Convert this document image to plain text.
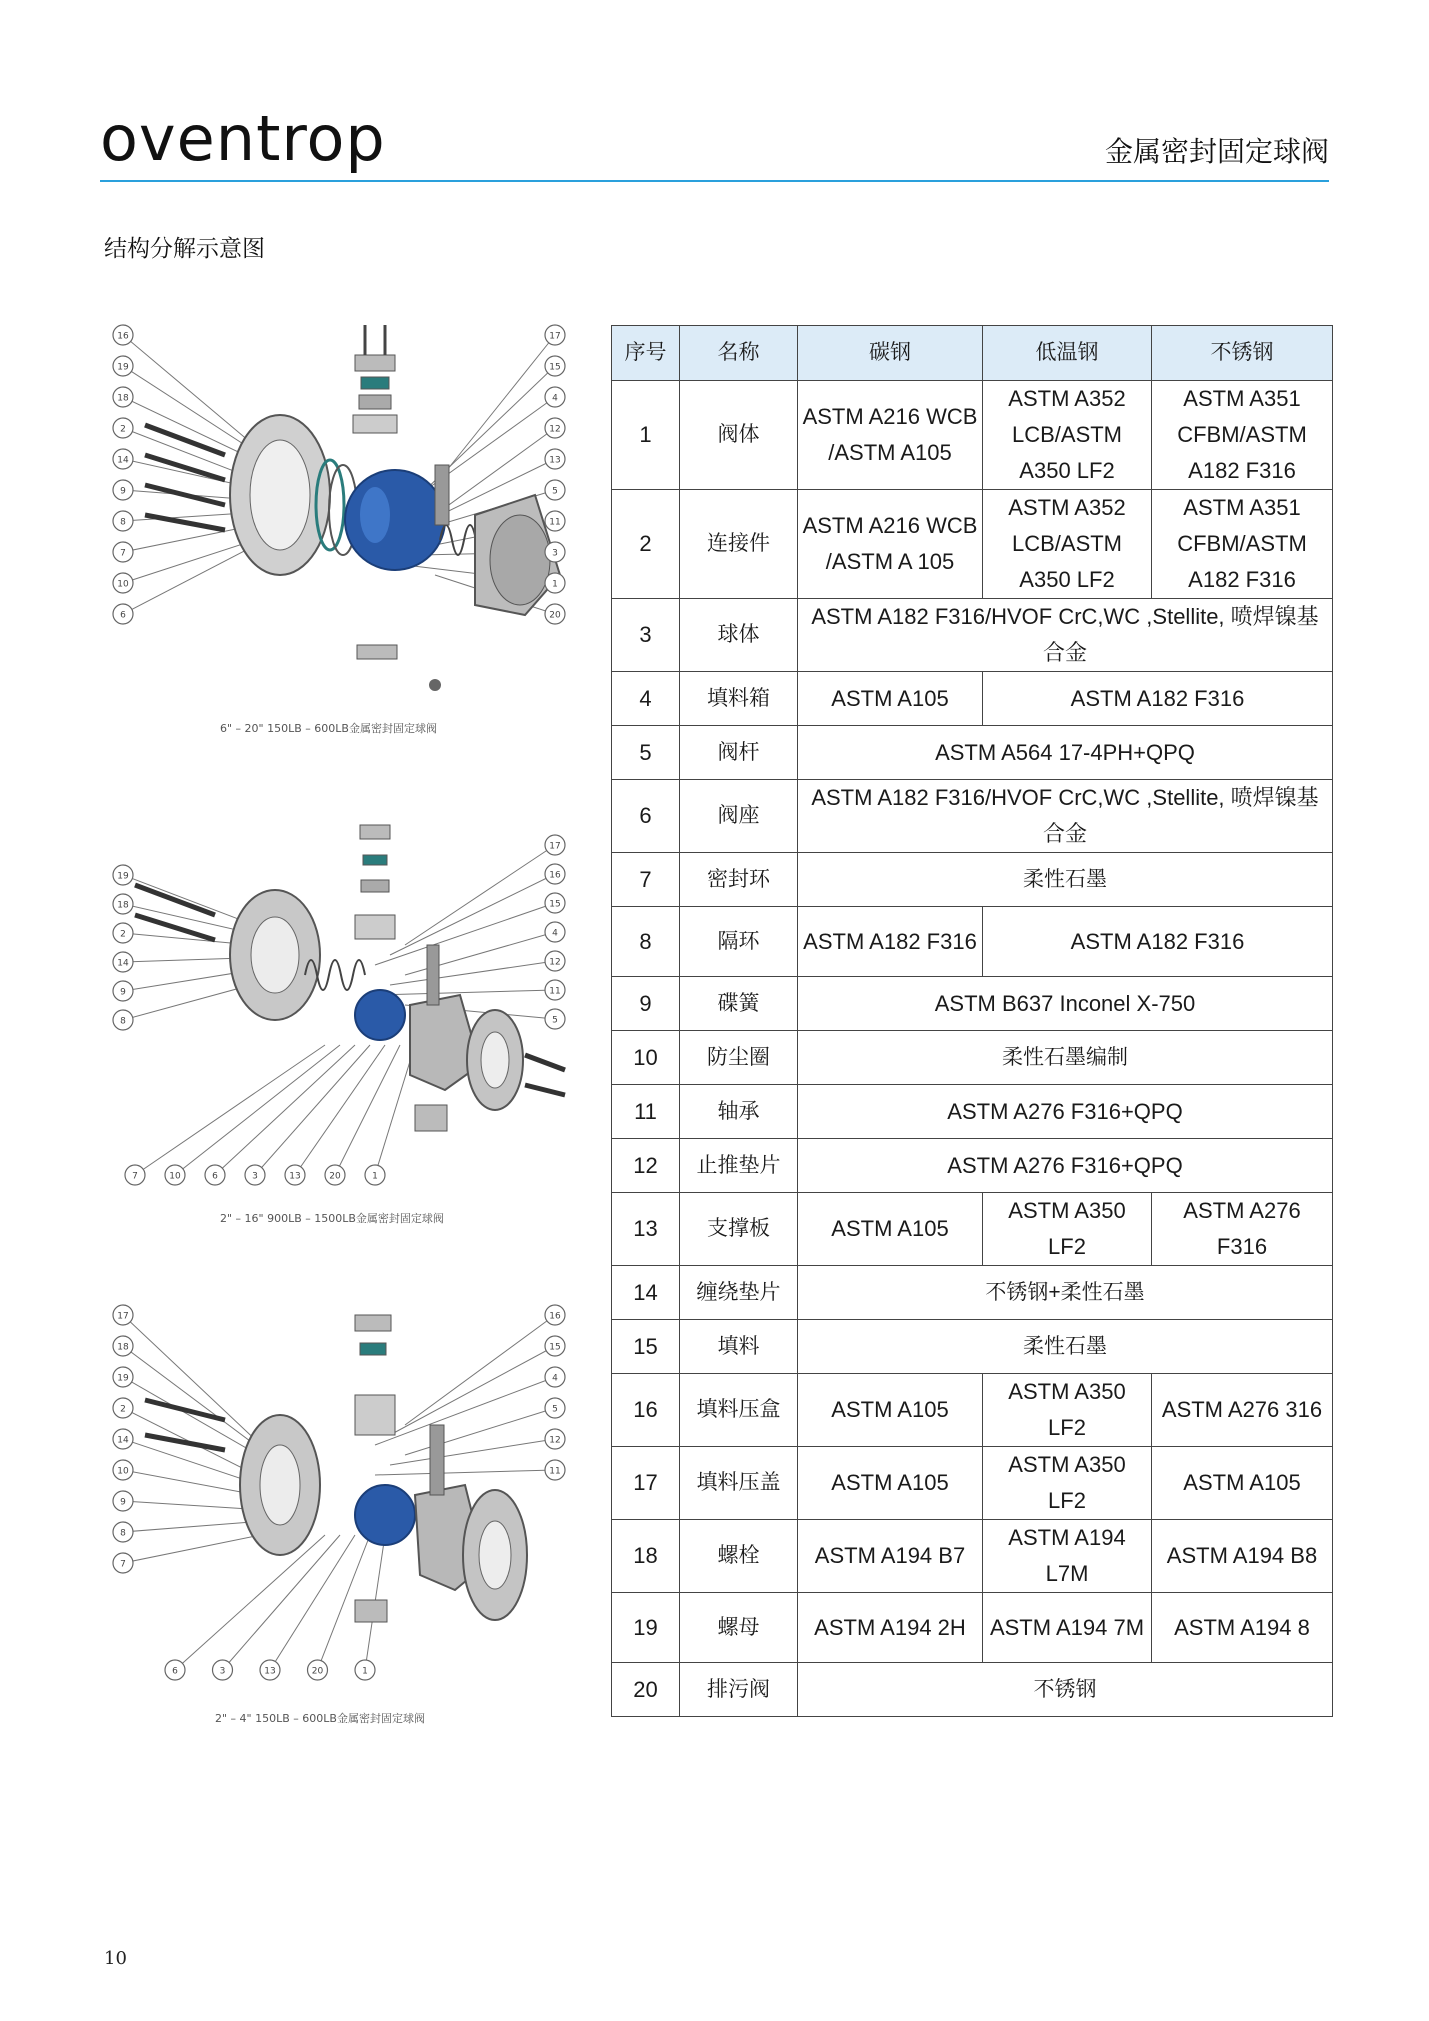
oventrop	金属密封固定球阀
结构分解示意图
16
19
18
2
14
9
8
7
10
6
17
15
4
12
13
5
11
3
1
20
6" – 20" 150LB – 600LB金属密封固定球阀
19
18
2
14
9
8
17
16
15
4
12
11
5
7	10	6	3	13	20	1
2" – 16" 900LB – 1500LB金属密封固定球阀
17
18
19
2
14
10
9
8
7
16
15
4
5
12
11
6	3	13	20	1
2" – 4" 150LB – 600LB金属密封固定球阀
序号	名称	碳钢	低温钢	不锈钢
1	阀体	ASTM A216 WCB /ASTM A105	ASTM A352 LCB/ASTM A350 LF2	ASTM A351 CFBM/ASTM A182 F316
2	连接件	ASTM A216 WCB /ASTM A 105	ASTM A352 LCB/ASTM A350 LF2	ASTM A351 CFBM/ASTM A182 F316
3	球体	ASTM A182 F316/HVOF CrC,WC ,Stellite, 喷焊镍基合金		
4	填料箱	ASTM A105	ASTM A182 F316	
5	阀杆	ASTM A564 17-4PH+QPQ		
6	阀座	ASTM A182 F316/HVOF CrC,WC ,Stellite, 喷焊镍基合金		
7	密封环	柔性石墨		
8	隔环	ASTM A182 F316	ASTM A182 F316	
9	碟簧	ASTM B637 Inconel X-750		
10	防尘圈	柔性石墨编制		
11	轴承	ASTM A276 F316+QPQ		
12	止推垫片	ASTM A276 F316+QPQ		
13	支撑板	ASTM A105	ASTM A350 LF2	ASTM A276 F316
14	缠绕垫片	不锈钢+柔性石墨		
15	填料	柔性石墨		
16	填料压盒	ASTM A105	ASTM A350 LF2	ASTM A276 316
17	填料压盖	ASTM A105	ASTM A350 LF2	ASTM A105
18	螺栓	ASTM A194 B7	ASTM A194 L7M	ASTM A194 B8
19	螺母	ASTM A194 2H	ASTM A194 7M	ASTM A194 8
20	排污阀	不锈钢		
10
